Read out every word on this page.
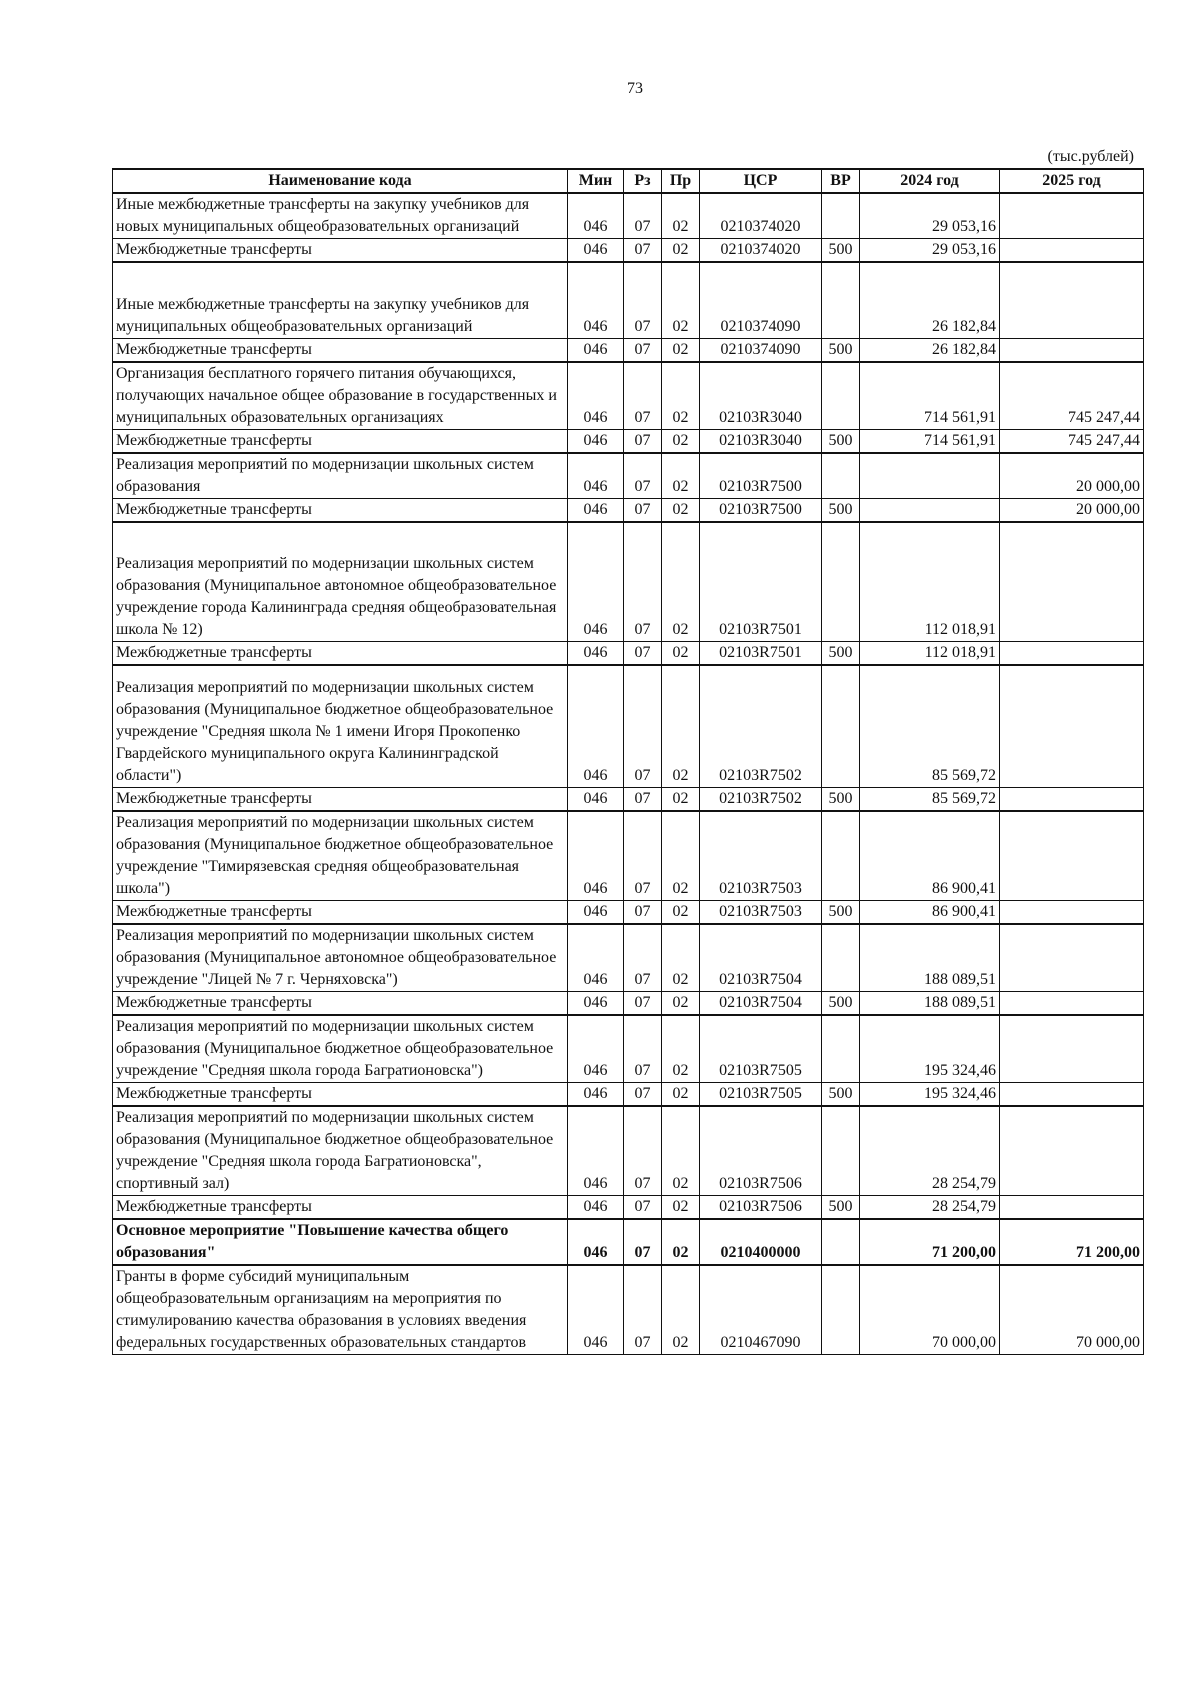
73
(тыс.рублей)
Наименование кода	Мин	Рз	Пр	ЦСР	ВР	2024 год	2025 год
Иные межбюджетные трансферты на закупку учебников для новых муниципальных общеобразовательных организаций	046	07	02	0210374020		29 053,16	
Межбюджетные трансферты	046	07	02	0210374020	500	29 053,16	
Иные межбюджетные трансферты на закупку учебников для муниципальных общеобразовательных организаций	046	07	02	0210374090		26 182,84	
Межбюджетные трансферты	046	07	02	0210374090	500	26 182,84	
Организация бесплатного горячего питания обучающихся, получающих начальное общее образование в государственных и муниципальных образовательных организациях	046	07	02	02103R3040		714 561,91	745 247,44
Межбюджетные трансферты	046	07	02	02103R3040	500	714 561,91	745 247,44
Реализация мероприятий по модернизации школьных систем образования	046	07	02	02103R7500			20 000,00
Межбюджетные трансферты	046	07	02	02103R7500	500		20 000,00
Реализация мероприятий по модернизации школьных систем образования (Муниципальное автономное общеобразовательное учреждение города Калининграда средняя общеобразовательная школа № 12)	046	07	02	02103R7501		112 018,91	
Межбюджетные трансферты	046	07	02	02103R7501	500	112 018,91	
Реализация мероприятий по модернизации школьных систем образования (Муниципальное бюджетное общеобразовательное учреждение "Средняя школа № 1 имени Игоря Прокопенко Гвардейского муниципального округа Калининградской области")	046	07	02	02103R7502		85 569,72	
Межбюджетные трансферты	046	07	02	02103R7502	500	85 569,72	
Реализация мероприятий по модернизации школьных систем образования (Муниципальное бюджетное общеобразовательное учреждение "Тимирязевская средняя общеобразовательная школа")	046	07	02	02103R7503		86 900,41	
Межбюджетные трансферты	046	07	02	02103R7503	500	86 900,41	
Реализация мероприятий по модернизации школьных систем образования (Муниципальное автономное общеобразовательное учреждение "Лицей № 7 г. Черняховска")	046	07	02	02103R7504		188 089,51	
Межбюджетные трансферты	046	07	02	02103R7504	500	188 089,51	
Реализация мероприятий по модернизации школьных систем образования (Муниципальное бюджетное общеобразовательное учреждение "Средняя школа города Багратионовска")	046	07	02	02103R7505		195 324,46	
Межбюджетные трансферты	046	07	02	02103R7505	500	195 324,46	
Реализация мероприятий по модернизации школьных систем образования (Муниципальное бюджетное общеобразовательное учреждение "Средняя школа города Багратионовска", спортивный зал)	046	07	02	02103R7506		28 254,79	
Межбюджетные трансферты	046	07	02	02103R7506	500	28 254,79	
Основное мероприятие "Повышение качества общего образования"	046	07	02	0210400000		71 200,00	71 200,00
Гранты в форме субсидий муниципальным общеобразовательным организациям на мероприятия по стимулированию качества образования в условиях введения федеральных государственных образовательных стандартов	046	07	02	0210467090		70 000,00	70 000,00
